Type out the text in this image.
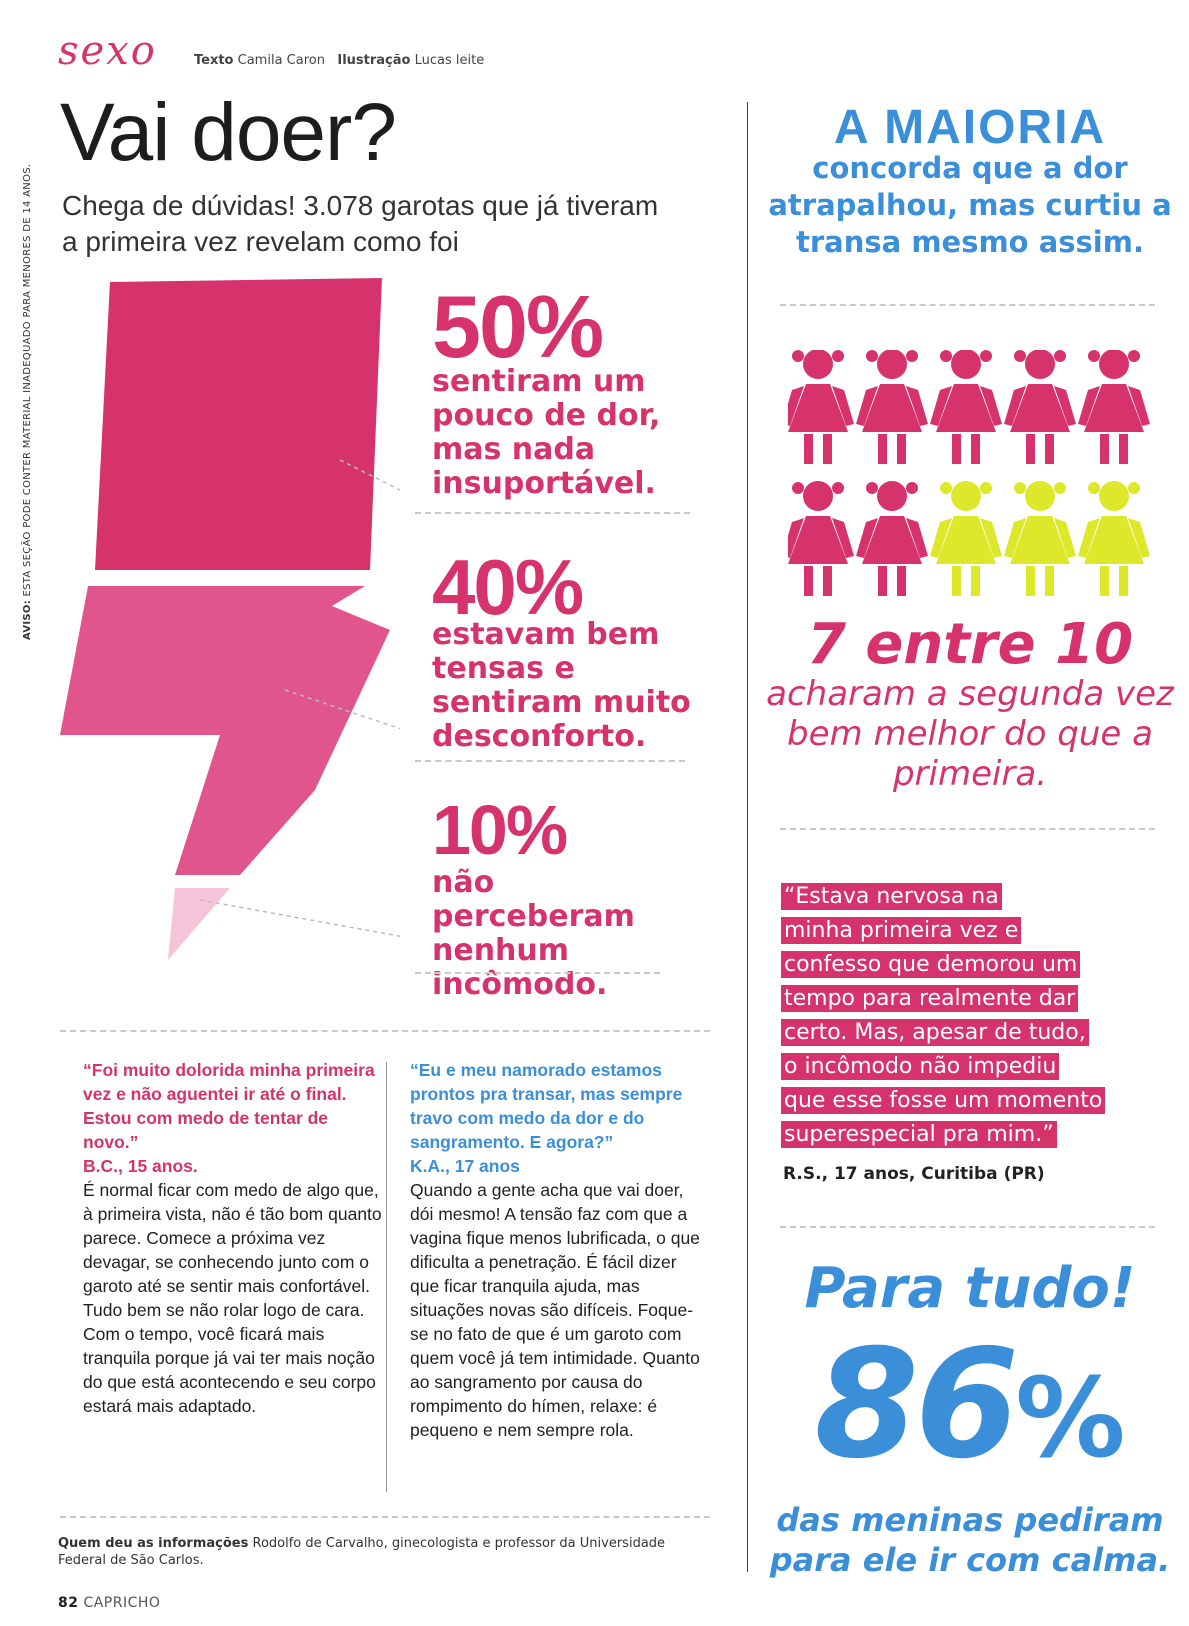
sexo	Texto Camila Caron Ilustração Lucas leite
AVISO: ESTA SEÇÃO PODE CONTER MATERIAL INADEQUADO PARA MENORES DE 14 ANOS.
Vai doer?
Chega de dúvidas! 3.078 garotas que já tiveram a primeira vez revelam como foi
50%
sentiram um pouco de dor, mas nada insuportável.
40%
estavam bem tensas e sentiram muito desconforto.
10%
não perceberam nenhum incômodo.
A MAIORIA
concorda que a dor atrapalhou, mas curtiu a transa mesmo assim.
7 entre 10
acharam a segunda vez bem melhor do que a primeira.
“Estava nervosa na
minha primeira vez e
confesso que demorou um
tempo para realmente dar
certo. Mas, apesar de tudo,
o incômodo não impediu
que esse fosse um momento
superespecial pra mim.”

R.S., 17 anos, Curitiba (PR)
Para tudo!
86%
das meninas pediram para ele ir com calma.
“Foi muito dolorida minha primeira vez e não aguentei ir até o final. Estou com medo de tentar de novo.”
B.C., 15 anos.
É normal ficar com medo de algo que, à primeira vista, não é tão bom quanto parece. Comece a próxima vez devagar, se conhecendo junto com o garoto até se sentir mais confortável. Tudo bem se não rolar logo de cara. Com o tempo, você ficará mais tranquila porque já vai ter mais noção do que está acontecendo e seu corpo estará mais adaptado.
“Eu e meu namorado estamos prontos pra transar, mas sempre travo com medo da dor e do sangramento. E agora?”
K.A., 17 anos
Quando a gente acha que vai doer, dói mesmo! A tensão faz com que a vagina fique menos lubrificada, o que dificulta a penetração. É fácil dizer que ficar tranquila ajuda, mas situações novas são difíceis. Foque-se no fato de que é um garoto com quem você já tem intimidade. Quanto ao sangramento por causa do rompimento do hímen, relaxe: é pequeno e nem sempre rola.
Quem deu as informações Rodolfo de Carvalho, ginecologista e professor da Universidade Federal de São Carlos.
82 CAPRICHO
